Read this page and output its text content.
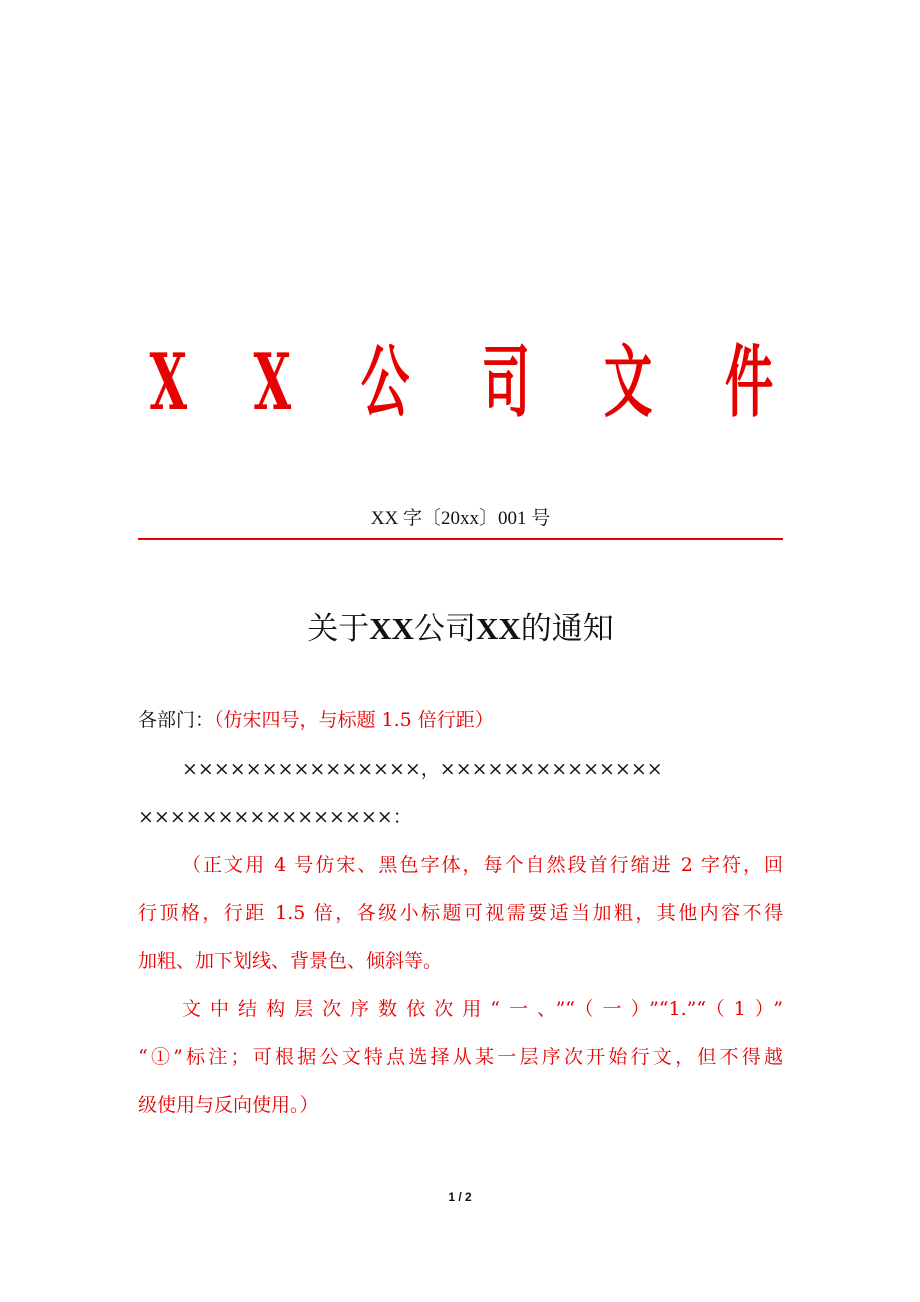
X X 公 司 文 件
XX 字〔20xx〕001 号
关于XX公司XX的通知
各部门：（仿宋四号，与标题 1.5 倍行距）
×××××××××××××××，××××××××××××××
××××××××××××××××：
（正文用 4 号仿宋、黑色字体，每个自然段首行缩进 2 字符，回
行顶格，行距 1.5 倍，各级小标题可视需要适当加粗，其他内容不得
加粗、加下划线、背景色、倾斜等。
文中结构层次序数依次用“一、”“（一）”“1.”“（1）”
“①”标注；可根据公文特点选择从某一层序次开始行文，但不得越
级使用与反向使用。）
1 / 2
